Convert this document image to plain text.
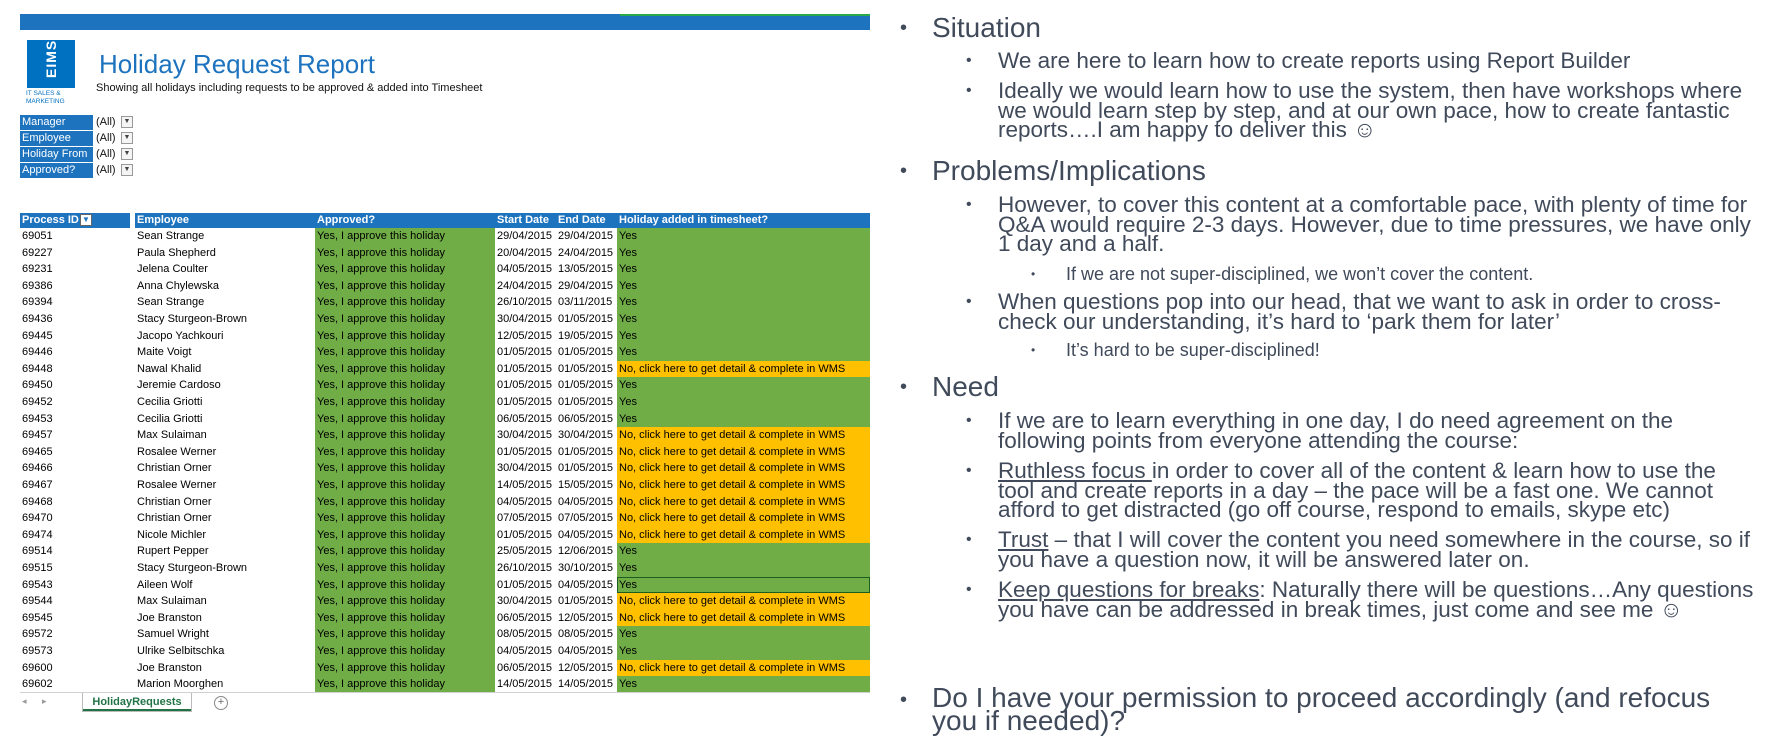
EIMS
IT SALES &
MARKETING
Holiday Request Report
Showing all holidays including requests to be approved & added into Timesheet
Manager	(All)	▼
Employee	(All)	▼
Holiday From (All)	▼
Approved?	(All)	▼
Process ID ▼	Employee	Approved?	Start Date End Date	Holiday added in timesheet?
69051	Sean Strange	Yes, I approve this holiday	29/04/2015 29/04/2015 Yes
69227	Paula Shepherd	Yes, I approve this holiday	20/04/2015 24/04/2015 Yes
69231	Jelena Coulter	Yes, I approve this holiday	04/05/2015 13/05/2015 Yes
69386	Anna Chylewska	Yes, I approve this holiday	24/04/2015 29/04/2015 Yes
69394	Sean Strange	Yes, I approve this holiday	26/10/2015 03/11/2015 Yes
69436	Stacy Sturgeon-Brown	Yes, I approve this holiday	30/04/2015 01/05/2015 Yes
69445	Jacopo Yachkouri	Yes, I approve this holiday	12/05/2015 19/05/2015 Yes
69446	Maite Voigt	Yes, I approve this holiday	01/05/2015 01/05/2015 Yes
69448	Nawal Khalid	Yes, I approve this holiday	01/05/2015 01/05/2015 No, click here to get detail & complete in WMS
69450	Jeremie Cardoso	Yes, I approve this holiday	01/05/2015 01/05/2015 Yes
69452	Cecilia Griotti	Yes, I approve this holiday	01/05/2015 01/05/2015 Yes
69453	Cecilia Griotti	Yes, I approve this holiday	06/05/2015 06/05/2015 Yes
69457	Max Sulaiman	Yes, I approve this holiday	30/04/2015 30/04/2015 No, click here to get detail & complete in WMS
69465	Rosalee Werner	Yes, I approve this holiday	01/05/2015 01/05/2015 No, click here to get detail & complete in WMS
69466	Christian Orner	Yes, I approve this holiday	30/04/2015 01/05/2015 No, click here to get detail & complete in WMS
69467	Rosalee Werner	Yes, I approve this holiday	14/05/2015 15/05/2015 No, click here to get detail & complete in WMS
69468	Christian Orner	Yes, I approve this holiday	04/05/2015 04/05/2015 No, click here to get detail & complete in WMS
69470	Christian Orner	Yes, I approve this holiday	07/05/2015 07/05/2015 No, click here to get detail & complete in WMS
69474	Nicole Michler	Yes, I approve this holiday	01/05/2015 04/05/2015 No, click here to get detail & complete in WMS
69514	Rupert Pepper	Yes, I approve this holiday	25/05/2015 12/06/2015 Yes
69515	Stacy Sturgeon-Brown	Yes, I approve this holiday	26/10/2015 30/10/2015 Yes
69543	Aileen Wolf	Yes, I approve this holiday	01/05/2015 04/05/2015 Yes
69544	Max Sulaiman	Yes, I approve this holiday	30/04/2015 01/05/2015 No, click here to get detail & complete in WMS
69545	Joe Branston	Yes, I approve this holiday	06/05/2015 12/05/2015 No, click here to get detail & complete in WMS
69572	Samuel Wright	Yes, I approve this holiday	08/05/2015 08/05/2015 Yes
69573	Ulrike Selbitschka	Yes, I approve this holiday	04/05/2015 04/05/2015 Yes
69600	Joe Branston	Yes, I approve this holiday	06/05/2015 12/05/2015 No, click here to get detail & complete in WMS
69602	Marion Moorghen	Yes, I approve this holiday	14/05/2015 14/05/2015 Yes
◂ ▸	HolidayRequests	+
• Situation
• We are here to learn how to create reports using Report Builder
• Ideally we would learn how to use the system, then have workshops where we would learn step by step, and at our own pace, how to create fantastic reports….I am happy to deliver this ☺
• Problems/Implications
• However, to cover this content at a comfortable pace, with plenty of time for Q&A would require 2-3 days. However, due to time pressures, we have only 1 day and a half.
• If we are not super-disciplined, we won’t cover the content.
• When questions pop into our head, that we want to ask in order to cross-check our understanding, it’s hard to ‘park them for later’
• It’s hard to be super-disciplined!
• Need
• If we are to learn everything in one day, I do need agreement on the following points from everyone attending the course:
• Ruthless focus in order to cover all of the content & learn how to use the tool and create reports in a day – the pace will be a fast one. We cannot afford to get distracted (go off course, respond to emails, skype etc)
• Trust – that I will cover the content you need somewhere in the course, so if you have a question now, it will be answered later on.
• Keep questions for breaks: Naturally there will be questions…Any questions you have can be addressed in break times, just come and see me ☺
• Do I have your permission to proceed accordingly (and refocus you if needed)?
